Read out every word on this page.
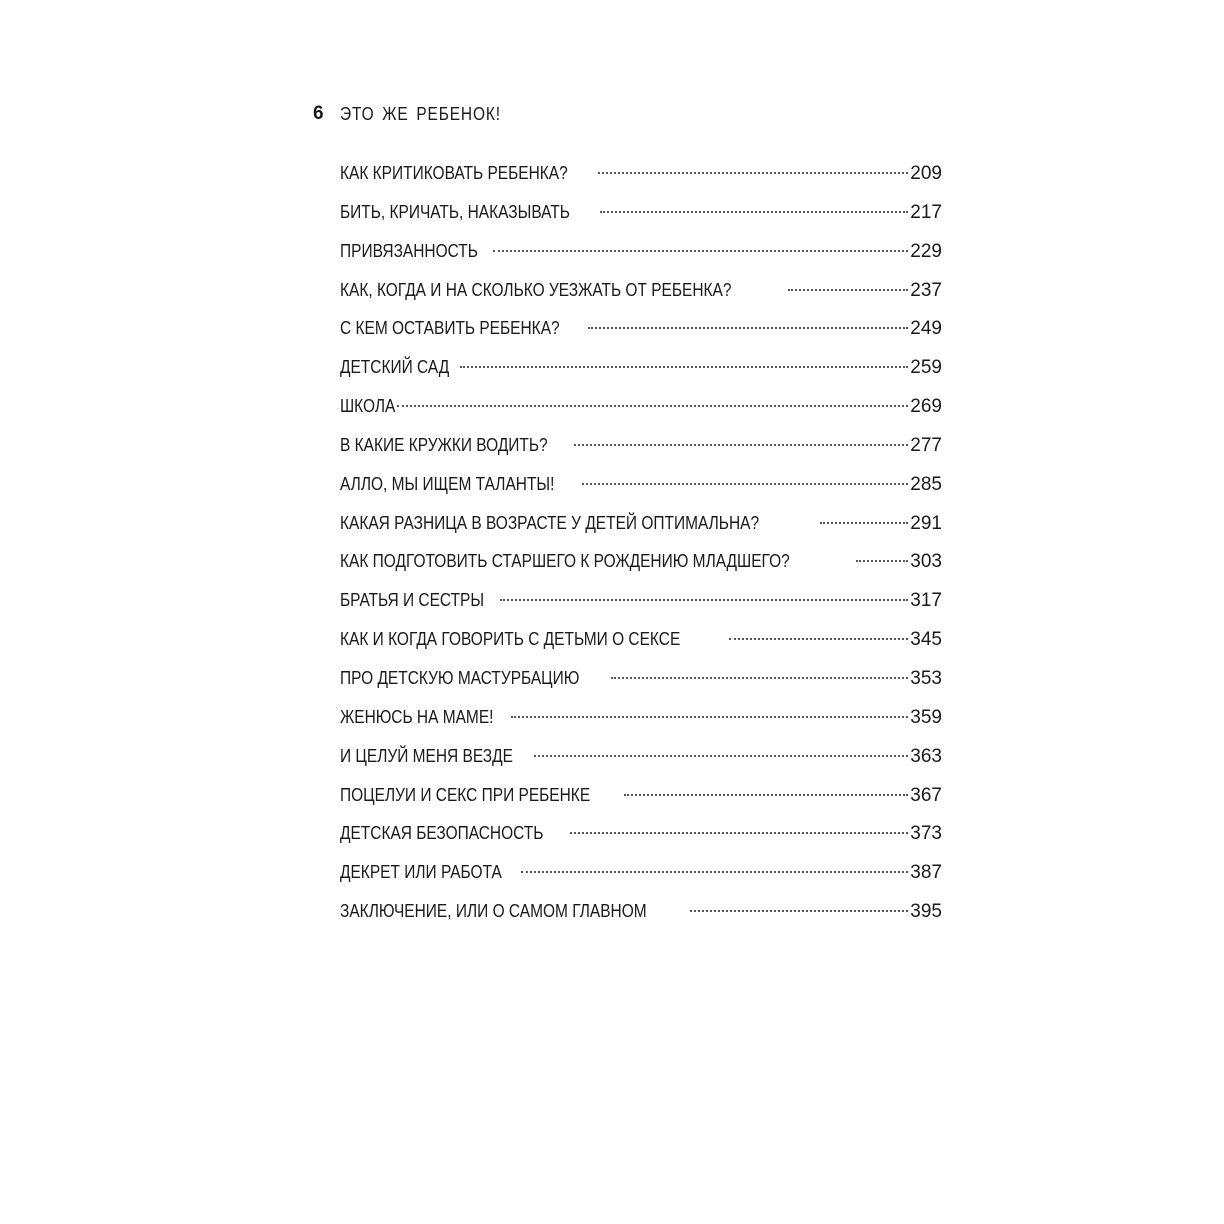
6 ЭТО ЖЕ РЕБЕНОК!
КАК КРИТИКОВАТЬ РЕБЕНКА?	209
БИТЬ, КРИЧАТЬ, НАКАЗЫВАТЬ	217
ПРИВЯЗАННОСТЬ	229
КАК, КОГДА И НА СКОЛЬКО УЕЗЖАТЬ ОТ РЕБЕНКА?	237
С КЕМ ОСТАВИТЬ РЕБЕНКА?	249
ДЕТСКИЙ САД	259
ШКОЛА	269
В КАКИЕ КРУЖКИ ВОДИТЬ?	277
АЛЛО, МЫ ИЩЕМ ТАЛАНТЫ!	285
КАКАЯ РАЗНИЦА В ВОЗРАСТЕ У ДЕТЕЙ ОПТИМАЛЬНА?	291
КАК ПОДГОТОВИТЬ СТАРШЕГО К РОЖДЕНИЮ МЛАДШЕГО?	303
БРАТЬЯ И СЕСТРЫ	317
КАК И КОГДА ГОВОРИТЬ С ДЕТЬМИ О СЕКСЕ	345
ПРО ДЕТСКУЮ МАСТУРБАЦИЮ	353
ЖЕНЮСЬ НА МАМЕ!	359
И ЦЕЛУЙ МЕНЯ ВЕЗДЕ	363
ПОЦЕЛУИ И СЕКС ПРИ РЕБЕНКЕ	367
ДЕТСКАЯ БЕЗОПАСНОСТЬ	373
ДЕКРЕТ ИЛИ РАБОТА	387
ЗАКЛЮЧЕНИЕ, ИЛИ О САМОМ ГЛАВНОМ	395
